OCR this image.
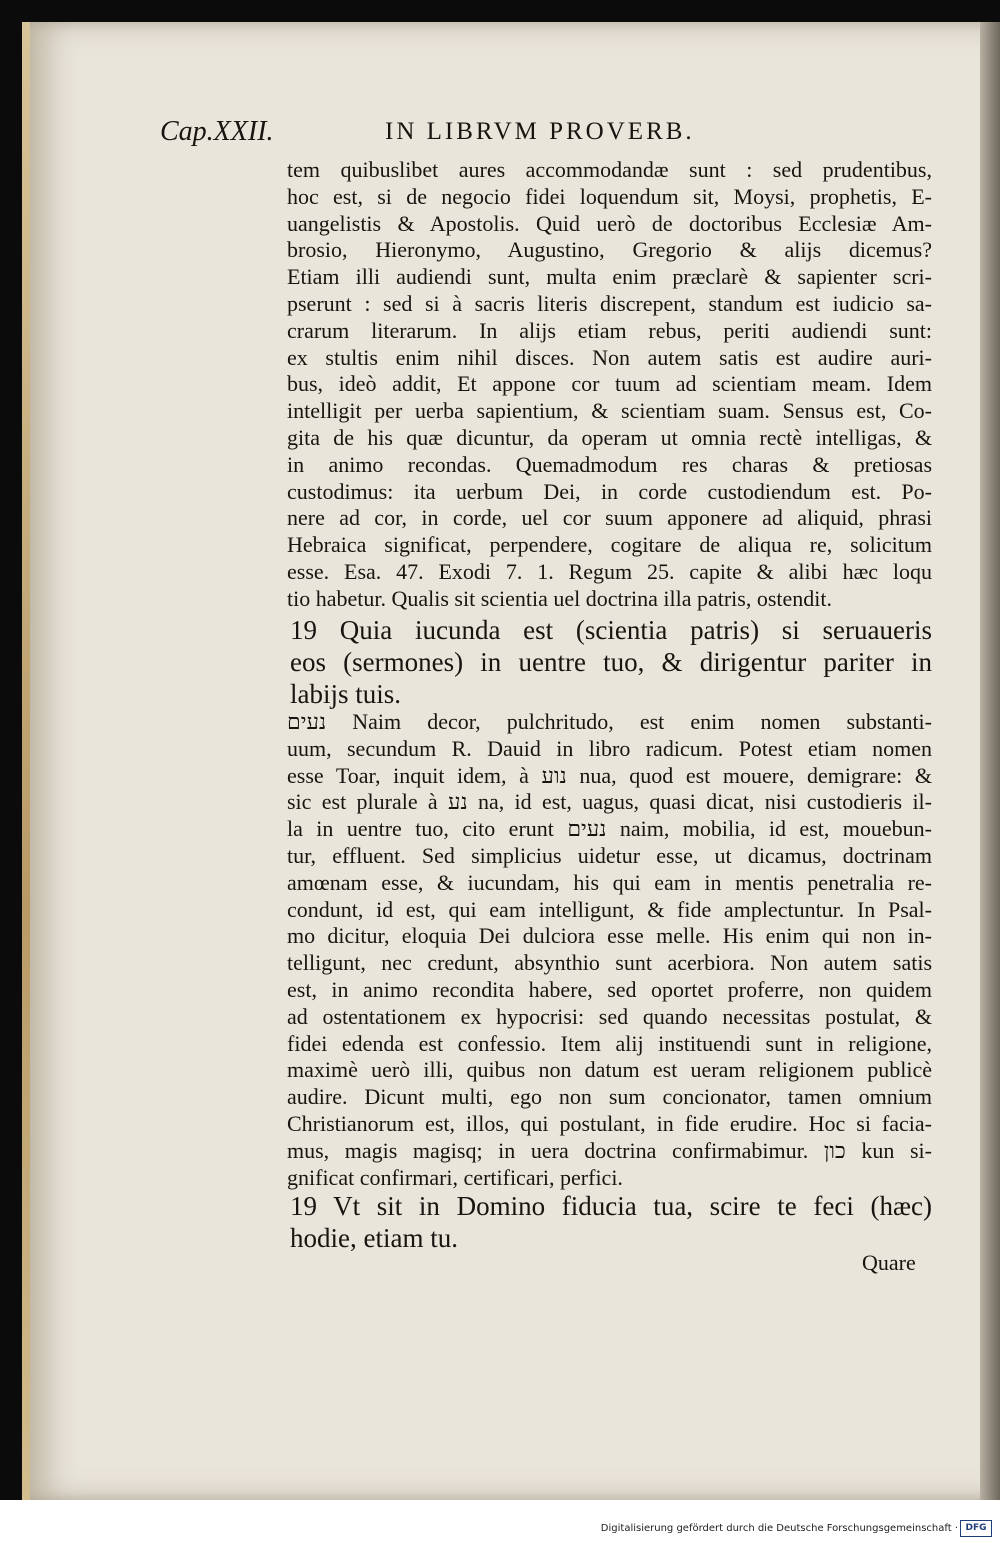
Cap.XXII.	IN LIBRVM PROVERB.
tem quibuslibet aures accommodandæ sunt : sed prudentibus,
hoc est, si de negocio fidei loquendum sit, Moysi, prophetis, E-
uangelistis & Apostolis. Quid uerò de doctoribus Ecclesiæ Am-
brosio, Hieronymo, Augustino, Gregorio & alijs dicemus?
Etiam illi audiendi sunt, multa enim præclarè & sapienter scri-
pserunt : sed si à sacris literis discrepent, standum est iudicio sa-
crarum literarum. In alijs etiam rebus, periti audiendi sunt:
ex stultis enim nihil disces. Non autem satis est audire auri-
bus, ideò addit, Et appone cor tuum ad scientiam meam. Idem
intelligit per uerba sapientium, & scientiam suam. Sensus est, Co-
gita de his quæ dicuntur, da operam ut omnia rectè intelligas, &
in animo recondas. Quemadmodum res charas & pretiosas
custodimus: ita uerbum Dei, in corde custodiendum est. Po-
nere ad cor, in corde, uel cor suum apponere ad aliquid, phrasi
Hebraica significat, perpendere, cogitare de aliqua re, solicitum
esse. Esa. 47. Exodi 7. 1. Regum 25. capite & alibi hæc loqu
tio habetur. Qualis sit scientia uel doctrina illa patris, ostendit.
19 Quia iucunda est (scientia patris) si seruaueris
eos (sermones) in uentre tuo, & dirigentur pariter in
labijs tuis.
נעים Naim decor, pulchritudo, est enim nomen substanti-
uum, secundum R. Dauid in libro radicum. Potest etiam nomen
esse Toar, inquit idem, à נוע nua, quod est mouere, demigrare: &
sic est plurale à נע na, id est, uagus, quasi dicat, nisi custodieris il-
la in uentre tuo, cito erunt נעים naim, mobilia, id est, mouebun-
tur, effluent. Sed simplicius uidetur esse, ut dicamus, doctrinam
amœnam esse, & iucundam, his qui eam in mentis penetralia re-
condunt, id est, qui eam intelligunt, & fide amplectuntur. In Psal-
mo dicitur, eloquia Dei dulciora esse melle. His enim qui non in-
telligunt, nec credunt, absynthio sunt acerbiora. Non autem satis
est, in animo recondita habere, sed oportet proferre, non quidem
ad ostentationem ex hypocrisi: sed quando necessitas postulat, &
fidei edenda est confessio. Item alij instituendi sunt in religione,
maximè uerò illi, quibus non datum est ueram religionem publicè
audire. Dicunt multi, ego non sum concionator, tamen omnium
Christianorum est, illos, qui postulant, in fide erudire. Hoc si facia-
mus, magis magisq; in uera doctrina confirmabimur. כון kun si-
gnificat confirmari, certificari, perfici.
19 Vt sit in Domino fiducia tua, scire te feci (hæc)
hodie, etiam tu.
Quare
Digitalisierung gefördert durch die Deutsche Forschungsgemeinschaft · DFG
